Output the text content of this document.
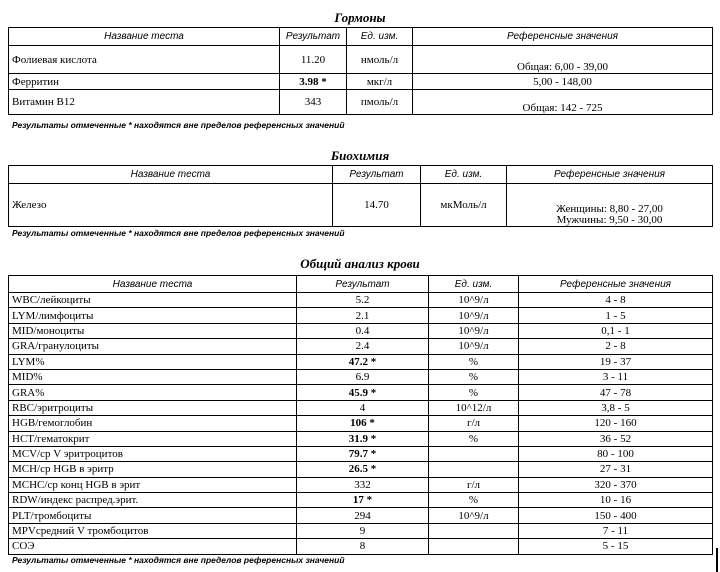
Гормоны
Название теста	Результат	Ед. изм.	Референсные значения
Фолиевая кислота	11.20	нмоль/л	Общая: 6,00 - 39,00
Ферритин	3.98 *	мкг/л	5,00 - 148,00
Витамин В12	343	пмоль/л	Общая: 142 - 725
Результаты отмеченные * находятся вне пределов референсных значений
Биохимия
Название теста	Результат	Ед. изм.	Референсные значения
Железо	14.70	мкМоль/л	Женщины: 8,80 - 27,00
Мужчины: 9,50 - 30,00
Результаты отмеченные * находятся вне пределов референсных значений
Общий анализ крови
Название теста	Результат	Ед. изм.	Референсные значения
WBC/лейкоциты	5.2	10^9/л	4 - 8
LYM/лимфоциты	2.1	10^9/л	1 - 5
MID/моноциты	0.4	10^9/л	0,1 - 1
GRA/гранулоциты	2.4	10^9/л	2 - 8
LYM%	47.2 *	%	19 - 37
MID%	6.9	%	3 - 11
GRA%	45.9 *	%	47 - 78
RBC/эритроциты	4	10^12/л	3,8 - 5
HGB/гемоглобин	106 *	г/л	120 - 160
HCT/гематокрит	31.9 *	%	36 - 52
MCV/ср V эритроцитов	79.7 *		80 - 100
MCH/ср HGB в эритр	26.5 *		27 - 31
MCHC/ср конц HGB в эрит	332	г/л	320 - 370
RDW/индекс распред.эрит.	17 *	%	10 - 16
PLT/тромбоциты	294	10^9/л	150 - 400
MPVсредний V тромбоцитов	9		7 - 11
СОЭ	8		5 - 15
Результаты отмеченные * находятся вне пределов референсных значений
